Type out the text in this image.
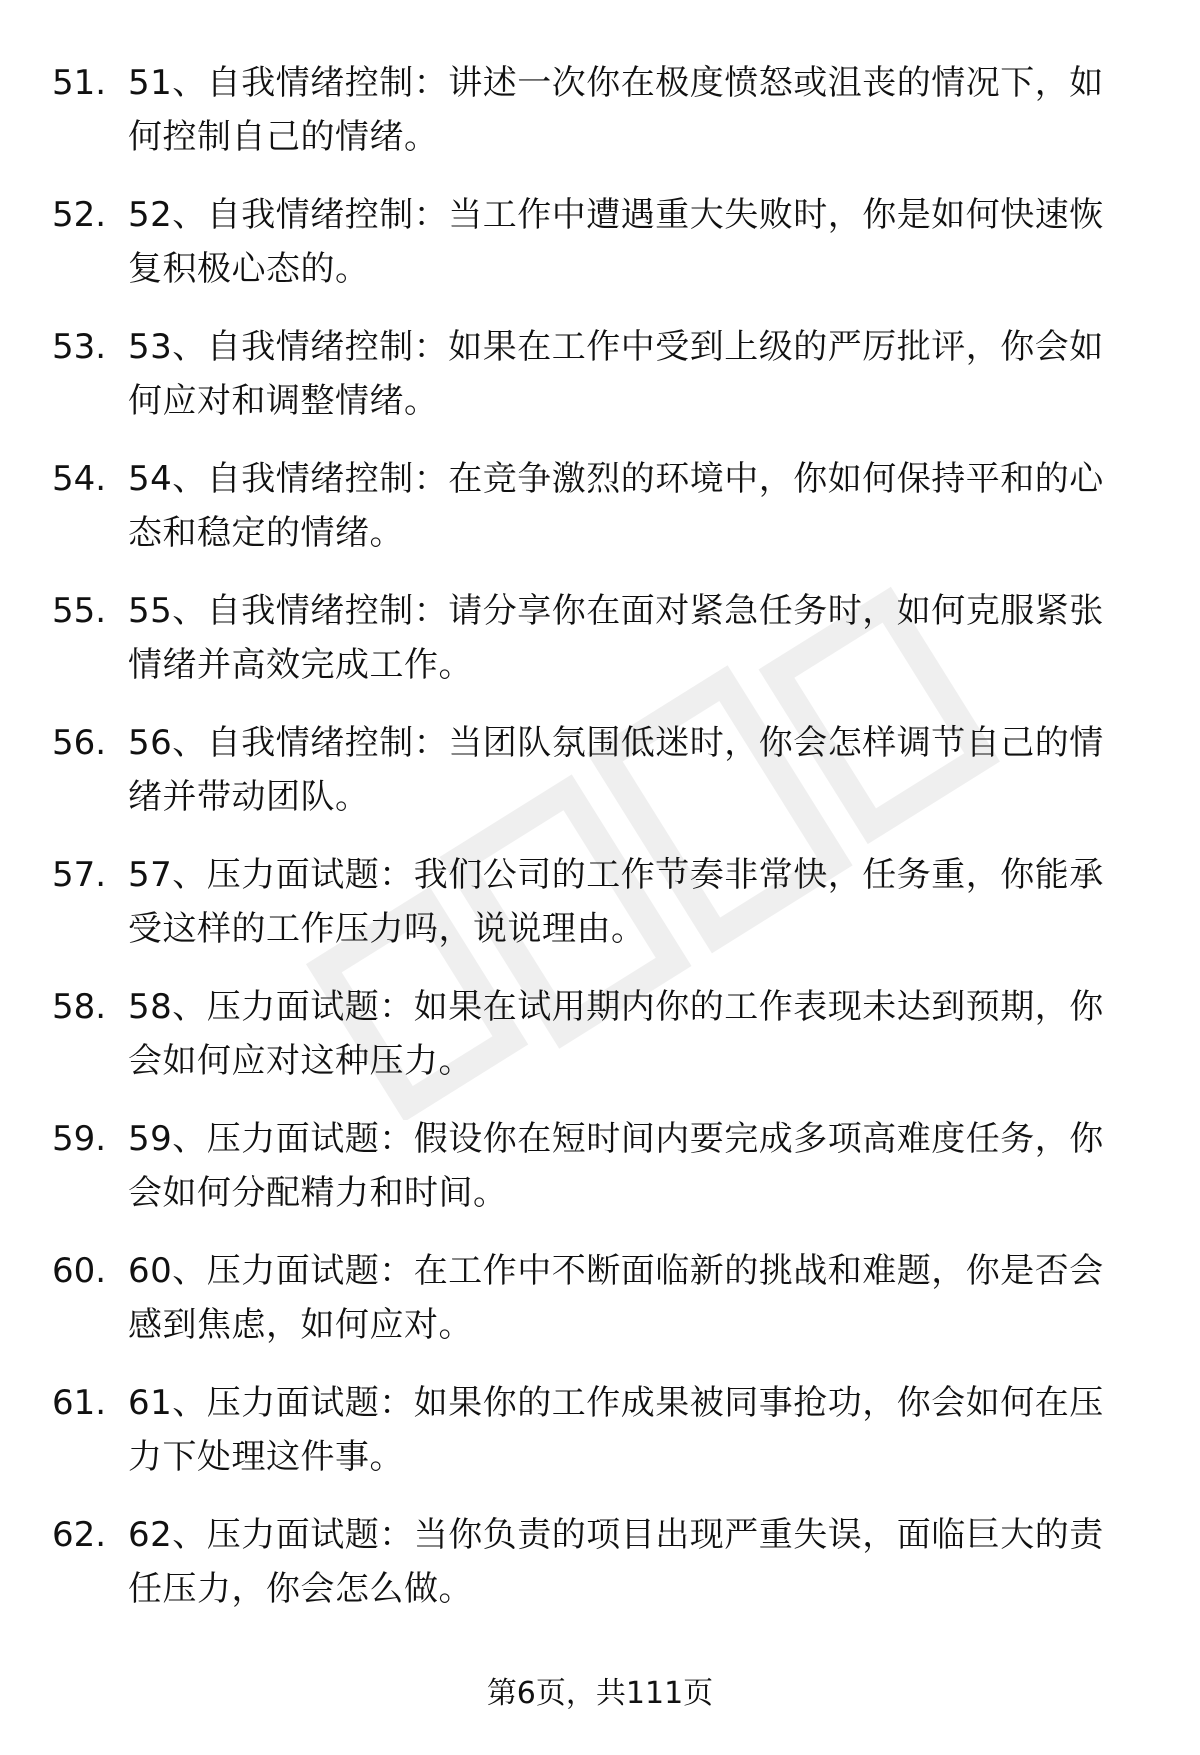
51. 51、自我情绪控制：讲述一次你在极度愤怒或沮丧的情况下，如
何控制自己的情绪。
52. 52、自我情绪控制：当工作中遭遇重大失败时，你是如何快速恢
复积极心态的。
53. 53、自我情绪控制：如果在工作中受到上级的严厉批评，你会如
何应对和调整情绪。
54. 54、自我情绪控制：在竞争激烈的环境中，你如何保持平和的心
态和稳定的情绪。
55. 55、自我情绪控制：请分享你在面对紧急任务时，如何克服紧张
情绪并高效完成工作。
56. 56、自我情绪控制：当团队氛围低迷时，你会怎样调节自己的情
绪并带动团队。
57. 57、压力面试题：我们公司的工作节奏非常快，任务重，你能承
受这样的工作压力吗，说说理由。
58. 58、压力面试题：如果在试用期内你的工作表现未达到预期，你
会如何应对这种压力。
59. 59、压力面试题：假设你在短时间内要完成多项高难度任务，你
会如何分配精力和时间。
60. 60、压力面试题：在工作中不断面临新的挑战和难题，你是否会
感到焦虑，如何应对。
61. 61、压力面试题：如果你的工作成果被同事抢功，你会如何在压
力下处理这件事。
62. 62、压力面试题：当你负责的项目出现严重失误，面临巨大的责
任压力，你会怎么做。
第6页，共111页
